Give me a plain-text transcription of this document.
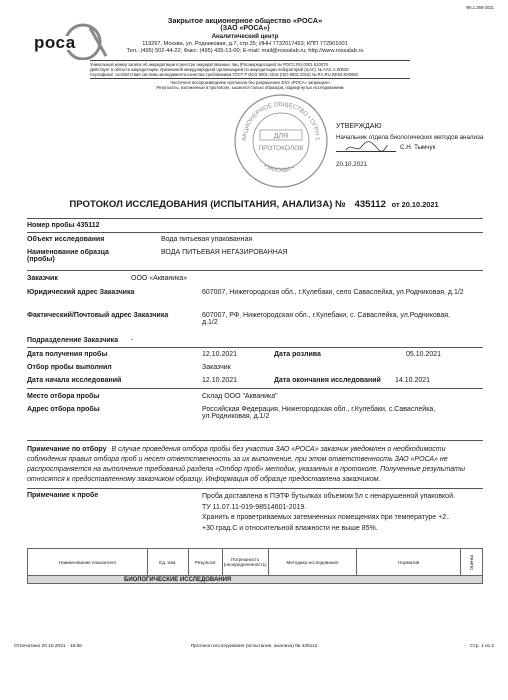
Ф6.1.358-2021
роса
Закрытое акционерное общество «РОСА»
(ЗАО «РОСА»)
Аналитический центр
119297, Москва, ул. Родниковая, д.7, стр.35; ИНН 7732017453; КПП 772901001
Тел.: (495) 502-44-22; Факс: (495) 435-13-00; E-mail: mail@rossalab.ru; http://www.rossalab.ru
Уникальный номер записи об аккредитации в реестре аккредитованных лиц (Росаккредитация) № РОСС RU.0001.510078
Действует в области аккредитации, признанной международной организацией по аккредитации лабораторий (ILAC) № AAC.A.00020
Сертификат соответствия системы менеджмента качества требованиям ГОСТ Р ИСО 9001-2015 (ISO 9001:2015) № RA.RU.RK63.K00050
Частичное воспроизведение протокола без разрешения ЗАО «РОСА» запрещено
Результаты, изложенные в протоколе, касаются только образцов, подвергнутых исследованиям
АКЦИОНЕРНОЕ ОБЩЕСТВО • ОГРН 1
• МОСКВА •
ДЛЯ
ПРОТОКОЛОВ
УТВЕРЖДАЮ
Начальник отдела биологических методов анализа
С.Н. Тымчук
20.10.2021
ПРОТОКОЛ ИССЛЕДОВАНИЯ (ИСПЫТАНИЯ, АНАЛИЗА) № 435112 от 20.10.2021
Номер пробы 435112
Объект исследования	Вода питьевая упакованная
Наименование образца (пробы)
ВОДА ПИТЬЕВАЯ НЕГАЗИРОВАННАЯ
Заказчик	ООО «Акваника»
Юридический адрес Заказчика	607007, Нижегородская обл., г.Кулебаки, село Саваслейка, ул.Родниковая, д.1/2
Фактический/Почтовый адрес Заказчика	607007, РФ, Нижегородская обл., г.Кулебаки, с. Саваслейка, ул.Родниковая, д.1/2
Подразделение Заказчика -
Дата получения пробы	12.10.2021	Дата розлива	05.10.2021
Отбор пробы выполнил	Заказчик
Дата начала исследований	12.10.2021	Дата окончания исследований 14.10.2021
Место отбора пробы	Склад ООО "Акваника"
Адрес отбора пробы	Российская Федерация, Нижегородская обл., г.Кулебаки, с.Саваслейка, ул.Родниковая, д.1/2
Примечание по отбору В случае проведения отбора пробы без участия ЗАО «РОСА» заказчик уведомлен о необходимости соблюдения правил отбора проб и несет ответственность за их выполнение, при этом ответственность ЗАО «РОСА» не распространяется на выполнение требований раздела «Отбор проб» методик, указанных в протоколе. Полученные результаты относятся к предоставленному заказчиком образцу. Информация об образце предоставлена заказчиком.
Примечание к пробе	Проба доставлена в ПЭТФ бутылках объемом 5л с ненарушенной упаковкой.
ТУ 11.07.11-019-98514601-2019.
Хранить в проветриваемых затемненных помещениях при температуре +2..
+30 град.С и относительной влажности не выше 85%.
Наименование показателя	Ед. изм.	Результат	Погрешность (неопределенность)	Методика исследования	Норматив	Оценка
БИОЛОГИЧЕСКИЕ ИССЛЕДОВАНИЯ
Отпечатано 20.10.2021 - 16:56	Протокол исследования (испытания, анализа) № 435112	Стр. 1 из 2
